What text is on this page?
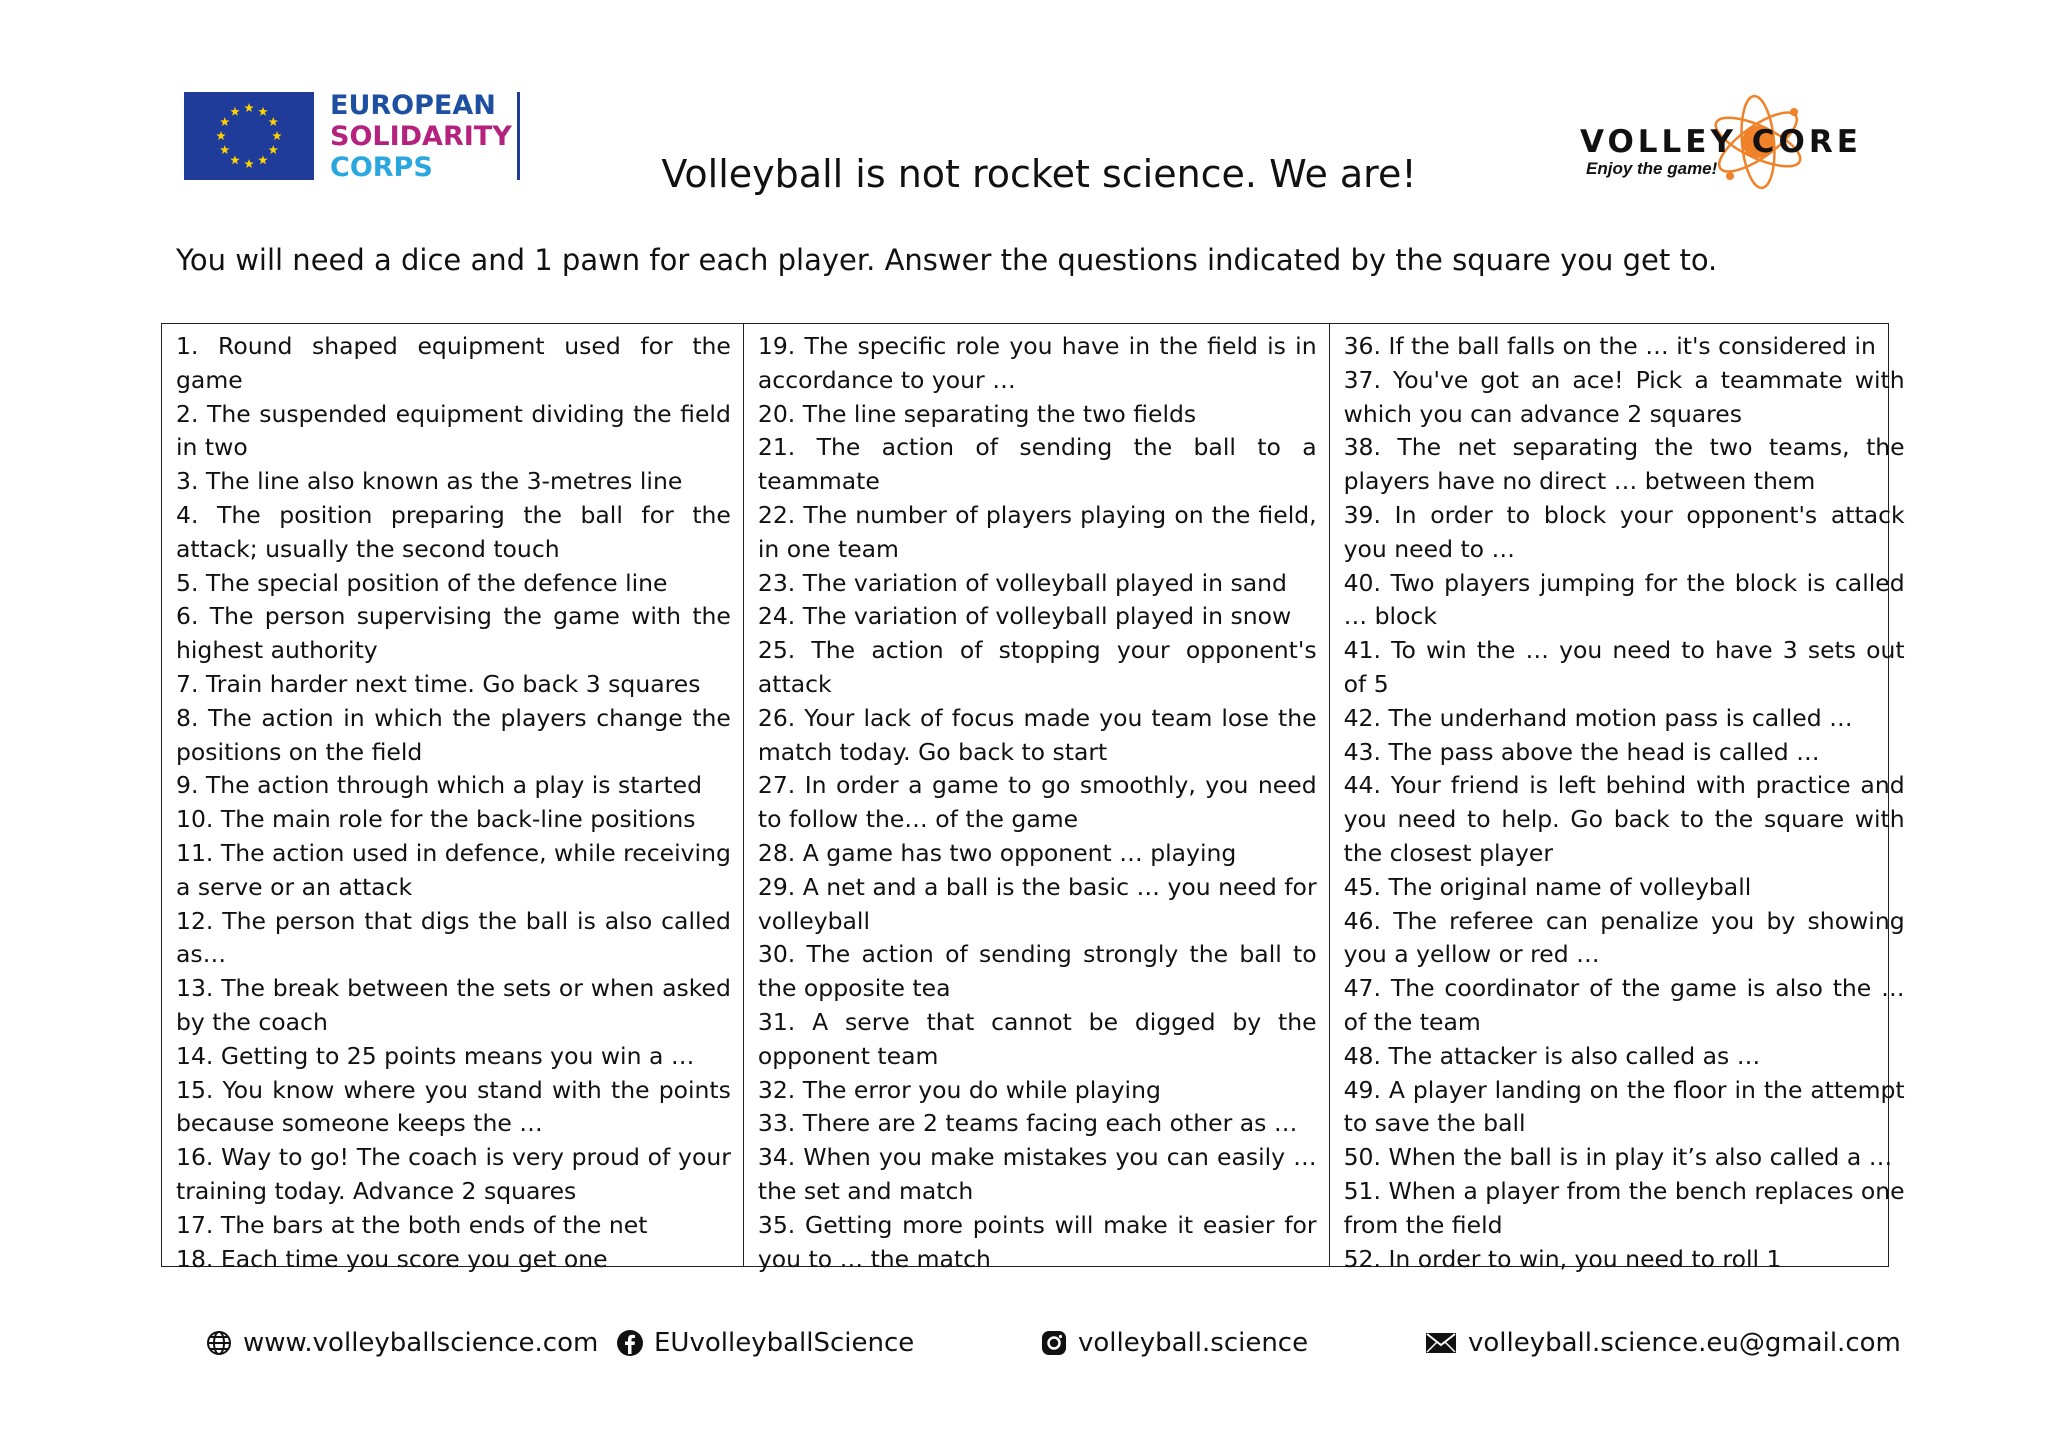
EUROPEAN
SOLIDARITY
CORPS
VOLLEY CORE
Enjoy the game!
Volleyball is not rocket science. We are!
You will need a dice and 1 pawn for each player. Answer the questions indicated by the square you get to.
1. Round shaped equipment used for the
game
2. The suspended equipment dividing the field
in two
3. The line also known as the 3-metres line
4. The position preparing the ball for the
attack; usually the second touch
5. The special position of the defence line
6. The person supervising the game with the
highest authority
7. Train harder next time. Go back 3 squares
8. The action in which the players change the
positions on the field
9. The action through which a play is started
10. The main role for the back-line positions
11. The action used in defence, while receiving
a serve or an attack
12. The person that digs the ball is also called
as…
13. The break between the sets or when asked
by the coach
14. Getting to 25 points means you win a …
15. You know where you stand with the points
because someone keeps the …
16. Way to go! The coach is very proud of your
training today. Advance 2 squares
17. The bars at the both ends of the net
18. Each time you score you get one
19. The specific role you have in the field is in
accordance to your …
20. The line separating the two fields
21. The action of sending the ball to a
teammate
22. The number of players playing on the field,
in one team
23. The variation of volleyball played in sand
24. The variation of volleyball played in snow
25. The action of stopping your opponent's
attack
26. Your lack of focus made you team lose the
match today. Go back to start
27. In order a game to go smoothly, you need
to follow the… of the game
28. A game has two opponent … playing
29. A net and a ball is the basic … you need for
volleyball
30. The action of sending strongly the ball to
the opposite tea
31. A serve that cannot be digged by the
opponent team
32. The error you do while playing
33. There are 2 teams facing each other as …
34. When you make mistakes you can easily …
the set and match
35. Getting more points will make it easier for
you to … the match
36. If the ball falls on the … it's considered in
37. You've got an ace! Pick a teammate with
which you can advance 2 squares
38. The net separating the two teams, the
players have no direct … between them
39. In order to block your opponent's attack
you need to …
40. Two players jumping for the block is called
… block
41. To win the … you need to have 3 sets out
of 5
42. The underhand motion pass is called …
43. The pass above the head is called …
44. Your friend is left behind with practice and
you need to help. Go back to the square with
the closest player
45. The original name of volleyball
46. The referee can penalize you by showing
you a yellow or red …
47. The coordinator of the game is also the …
of the team
48. The attacker is also called as …
49. A player landing on the floor in the attempt
to save the ball
50. When the ball is in play it’s also called a …
51. When a player from the bench replaces one
from the field
52. In order to win, you need to roll 1
www.volleyballscience.com EUvolleyballScience	volleyball.science	volleyball.science.eu@gmail.com
